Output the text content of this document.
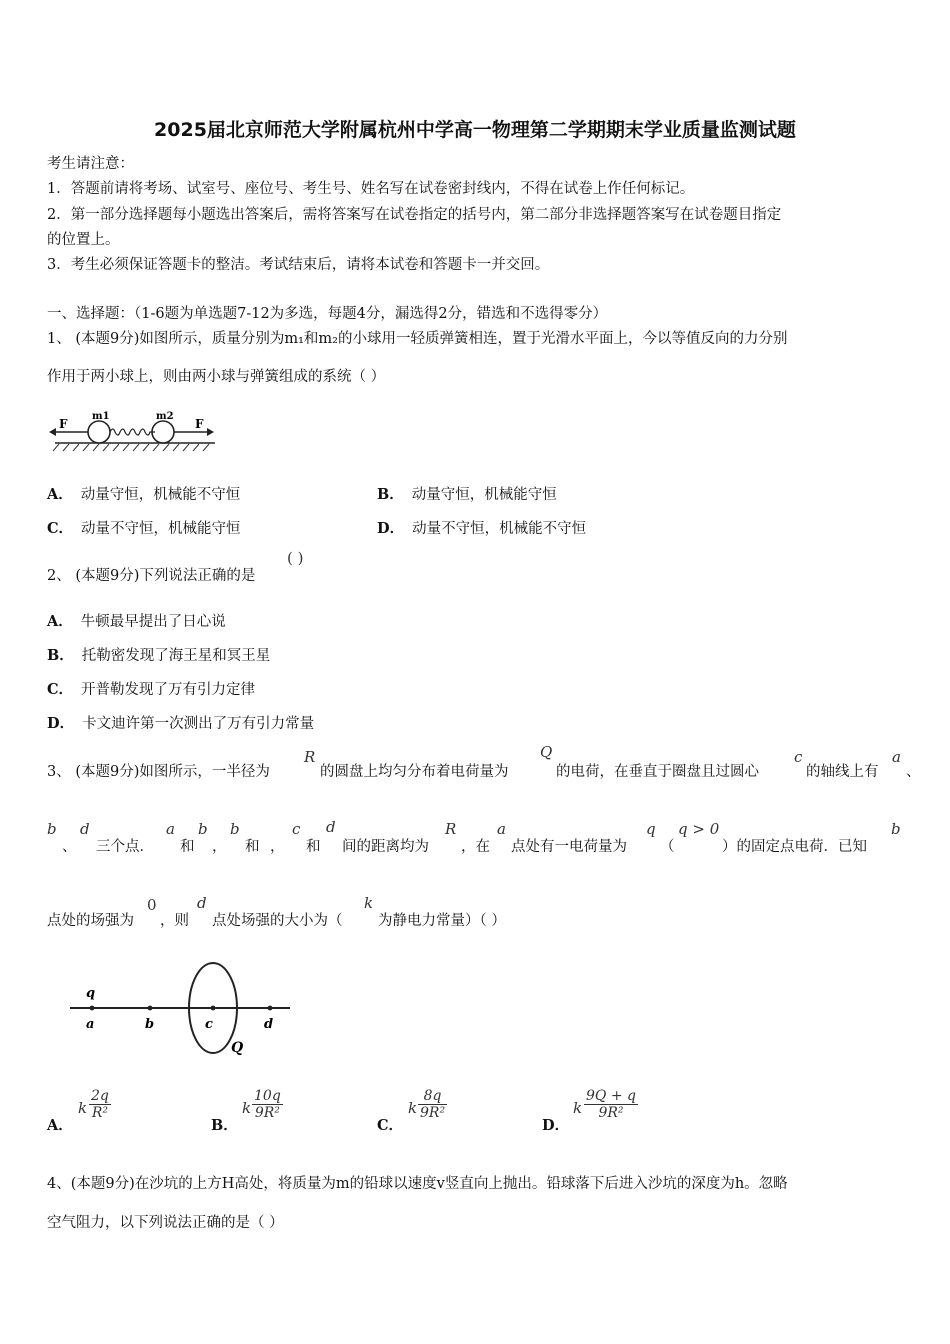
2025届北京师范大学附属杭州中学高一物理第二学期期末学业质量监测试题
考生请注意：
1．答题前请将考场、试室号、座位号、考生号、姓名写在试卷密封线内，不得在试卷上作任何标记。
2．第一部分选择题每小题选出答案后，需将答案写在试卷指定的括号内，第二部分非选择题答案写在试卷题目指定
的位置上。
3．考生必须保证答题卡的整洁。考试结束后，请将本试卷和答题卡一并交回。
一、选择题：（1-6题为单选题7-12为多选，每题4分，漏选得2分，错选和不选得零分）
1、 (本题9分)如图所示，质量分别为m₁和m₂的小球用一轻质弹簧相连，置于光滑水平面上，今以等值反向的力分别
作用于两小球上，则由两小球与弹簧组成的系统（ ）
F	F
m1	m2
A． 动量守恒，机械能不守恒	B． 动量守恒，机械能守恒
C． 动量不守恒，机械能守恒	D． 动量不守恒，机械能不守恒
2、 (本题9分)下列说法正确的是
( )
A． 牛顿最早提出了日心说
B． 托勒密发现了海王星和冥王星
C． 开普勒发现了万有引力定律
D． 卡文迪许第一次测出了万有引力常量
3、 (本题9分)如图所示，一半径为
R
的圆盘上均匀分布着电荷量为
Q
的电荷，在垂直于圈盘且过圆心
c
的轴线上有
a
、
b
、
d
三个点．
a
和
b
，
b
和
c
， 和
d
间的距离均为
R
，在
a
点处有一电荷量为
q
（
q > 0
）的固定点电荷．已知
b
点处的场强为
0
，则
d
点处场强的大小为（
k
为静电力常量）（ ）
q
a	b	c	d
Q
A．
k $\frac{2q}{\text{R²}}$
B．
k $\frac{10q}{\text{9R²}}$
C．
k $\frac{8q}{\text{9R²}}$
D．
k $\frac{9Q + q}{\text{9R²}}$
4、(本题9分)在沙坑的上方H高处，将质量为m的铅球以速度v竖直向上抛出。铅球落下后进入沙坑的深度为h。忽略
空气阻力，以下列说法正确的是（ ）
